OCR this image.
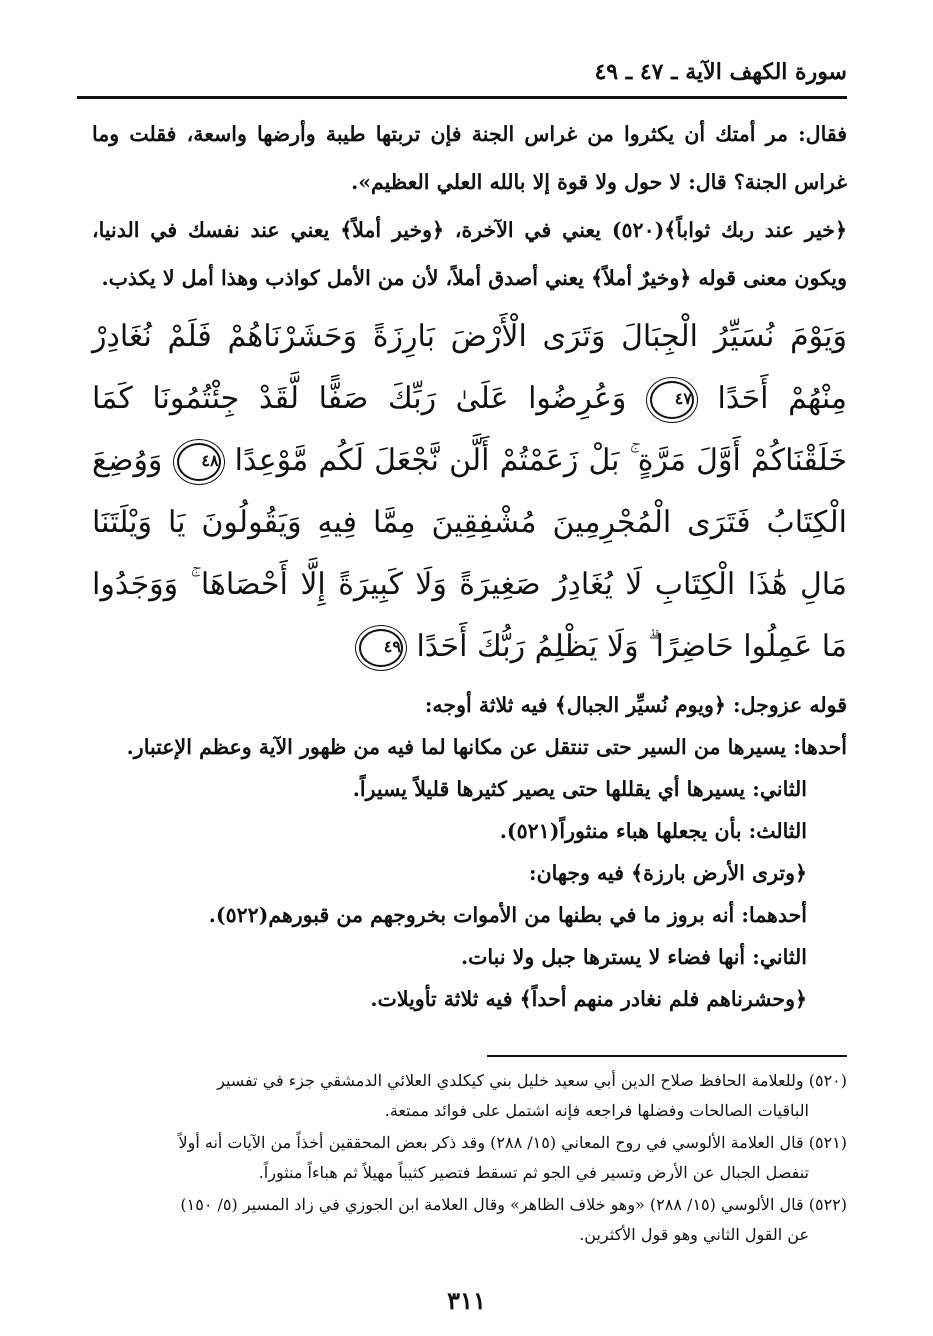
سورة الكهف الآية ـ ٤٧ ـ ٤٩

فقال: مر أمتك أن يكثروا من غراس الجنة فإن تربتها طيبة وأرضها واسعة، فقلت وما غراس الجنة؟ قال: لا حول ولا قوة إلا بالله العلي العظيم».

﴿خير عند ربك ثواباً﴾(٥٢٠) يعني في الآخرة، ﴿وخير أملاً﴾ يعني عند نفسك في الدنيا، ويكون معنى قوله ﴿وخيرٌ أملاً﴾ يعني أصدق أملاً، لأن من الأمل كواذب وهذا أمل لا يكذب.

وَيَوْمَ نُسَيِّرُ الْجِبَالَ وَتَرَى الْأَرْضَ بَارِزَةً وَحَشَرْنَاهُمْ فَلَمْ نُغَادِرْ مِنْهُمْ أَحَدًا ٤٧ وَعُرِضُوا عَلَىٰ رَبِّكَ صَفًّا لَّقَدْ جِئْتُمُونَا كَمَا خَلَقْنَاكُمْ أَوَّلَ مَرَّةٍ ۚ بَلْ زَعَمْتُمْ أَلَّن نَّجْعَلَ لَكُم مَّوْعِدًا ٤٨ وَوُضِعَ الْكِتَابُ فَتَرَى الْمُجْرِمِينَ مُشْفِقِينَ مِمَّا فِيهِ وَيَقُولُونَ يَا وَيْلَتَنَا مَالِ هَٰذَا الْكِتَابِ لَا يُغَادِرُ صَغِيرَةً وَلَا كَبِيرَةً إِلَّا أَحْصَاهَا ۚ وَوَجَدُوا مَا عَمِلُوا حَاضِرًا ۗ وَلَا يَظْلِمُ رَبُّكَ أَحَدًا ٤٩

قوله عزوجل: ﴿ويوم نُسيِّر الجبال﴾ فيه ثلاثة أوجه:

أحدها: يسيرها من السير حتى تنتقل عن مكانها لما فيه من ظهور الآية وعظم الإعتبار.

الثاني: يسيرها أي يقللها حتى يصير كثيرها قليلاً يسيراً.

الثالث: بأن يجعلها هباء منثوراً(٥٢١).

﴿وترى الأرض بارزة﴾ فيه وجهان:

أحدهما: أنه بروز ما في بطنها من الأموات بخروجهم من قبورهم(٥٢٢).

الثاني: أنها فضاء لا يسترها جبل ولا نبات.

﴿وحشرناهم فلم نغادر منهم أحداً﴾ فيه ثلاثة تأويلات.

(٥٢٠) وللعلامة الحافظ صلاح الدين أبي سعيد خليل بني كيكلدي العلائي الدمشقي جزء في تفسير
الباقيات الصالحات وفضلها فراجعه فإنه اشتمل على فوائد ممتعة.

(٥٢١) قال العلامة الألوسي في روح المعاني (١٥/ ٢٨٨) وقد ذكر بعض المحققين أخذاً من الآيات أنه أولاً
تنفصل الجبال عن الأرض وتسير في الجو ثم تسقط فتصير كثيباً مهيلاً ثم هباءاً منثوراً.

(٥٢٢) قال الألوسي (١٥/ ٢٨٨) «وهو خلاف الظاهر» وقال العلامة ابن الجوزي في زاد المسير (٥/ ١٥٠)
عن القول الثاني وهو قول الأكثرين.

٣١١
